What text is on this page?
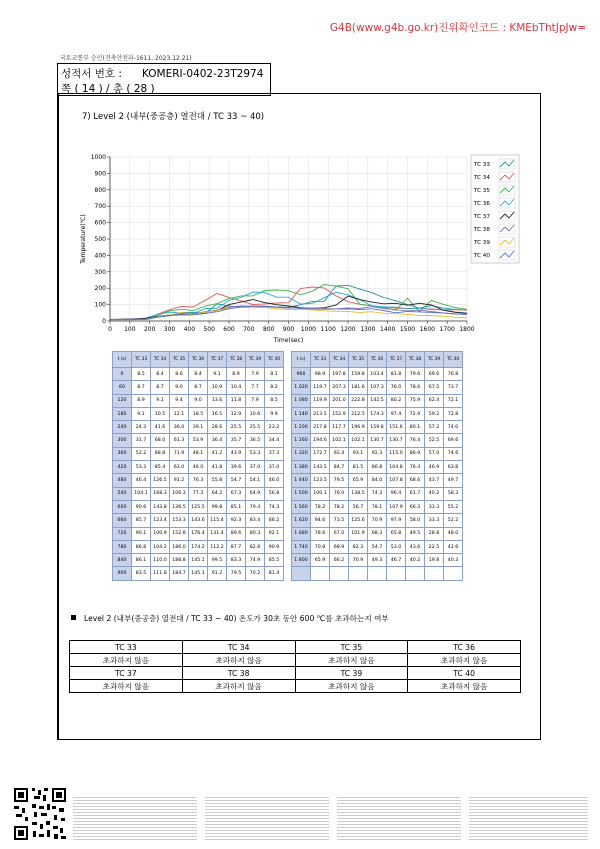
G4B(www.g4b.go.kr)진위확인코드 : KMEbThtJpJw=
국토교통부 승인(건축안전과-1611, 2023.12.21)
성적서 번호 : KOMERI-0402-23T2974
쪽 ( 14 ) / 총 ( 28 )
7) Level 2 (내부(중공층) 열전대 / TC 33 ~ 40)
0
100
200
300
400
500
600
700
800
900
1000
0 100 200 300 400 500 600 700 800 900 1000 1100 1200 1300 1400 1500 1600 1700 1800
Time(sec)
Temperature(℃)
TC 33
TC 34
TC 35
TC 36
TC 37
TC 38
TC 39
TC 40
t (s)	TC 33	TC 34	TC 35	TC 36	TC 37	TC 38	TC 39	TC 40		t (s)	TC 33	TC 34	TC 35	TC 36	TC 37	TC 38	TC 39	TC 40
0	8.5	8.4	8.6	8.4	9.1	8.9	7.9	8.1		960	98.9	197.8	159.8	103.4	81.8	79.6	69.6	76.8
60	8.7	8.7	9.0	8.7	10.9	10.4	7.7	8.2		1 020	119.7	207.3	181.6	107.3	76.0	78.6	67.5	73.7
120	8.9	9.1	9.4	9.0	13.6	11.8	7.9	8.5		1 080	119.9	201.0	222.8	142.5	80.2	75.9	62.4	72.1
180	9.1	10.5	12.1	18.5	16.5	12.9	10.6	9.9		1 140	213.5	152.9	212.5	174.3	97.4	72.9	59.2	72.8
240	24.3	41.6	36.0	39.1	28.6	25.5	25.5	23.2		1 200	217.8	117.7	196.9	159.8	151.6	80.1	57.2	74.0
300	31.7	68.0	61.3	53.9	36.4	35.7	36.5	34.4		1 260	194.6	102.1	102.1	130.7	130.7	76.4	52.5	69.6
360	52.2	88.8	71.9	48.1	41.2	43.9	53.3	37.3		1 320	172.7	92.4	93.1	92.3	115.0	86.9	57.0	74.6
420	53.3	85.4	63.0	46.0	41.8	39.6	37.0	37.0		1 380	143.5	84.7	81.5	86.8	104.8	76.4	46.9	63.8
480	46.4	126.5	91.2	76.3	55.8	54.7	54.1	46.0		1 440	123.5	79.5	65.9	84.0	107.8	68.6	43.7	49.7
540	104.1	168.3	106.3	77.3	64.2	67.3	64.9	56.8		1 500	100.1	76.0	138.5	74.3	96.4	61.7	40.2	58.3
600	90.6	143.8	136.5	125.5	99.8	85.1	79.4	74.3		1 560	78.2	78.2	56.7	78.1	107.9	66.3	33.3	55.2
660	85.7	123.4	153.3	143.6	115.4	92.3	83.4	86.2		1 620	94.6	73.5	125.6	70.9	97.9	58.0	33.3	52.2
720	90.1	100.9	152.8	176.4	131.4	89.6	80.3	92.1		1 680	78.6	67.0	101.9	68.3	65.8	49.5	28.8	48.0
780	86.8	104.2	186.0	174.2	112.2	87.7	82.8	90.9		1 740	70.8	68.9	82.3	54.7	53.0	43.6	22.5	42.6
840	86.1	110.0	188.8	145.1	99.5	83.3	74.9	85.5		1 800	65.9	66.2	70.9	49.3	46.7	40.2	19.8	40.3
900	83.5	111.8	184.7	145.1	91.2	79.5	70.2	81.4										
Level 2 (내부(중공층) 열전대 / TC 33 ~ 40) 온도가 30초 동안 600 ℃를 초과하는지 여부
TC 33	TC 34	TC 35	TC 36
초과하지 않음	초과하지 않음	초과하지 않음	초과하지 않음
TC 37	TC 38	TC 39	TC 40
초과하지 않음	초과하지 않음	초과하지 않음	초과하지 않음
